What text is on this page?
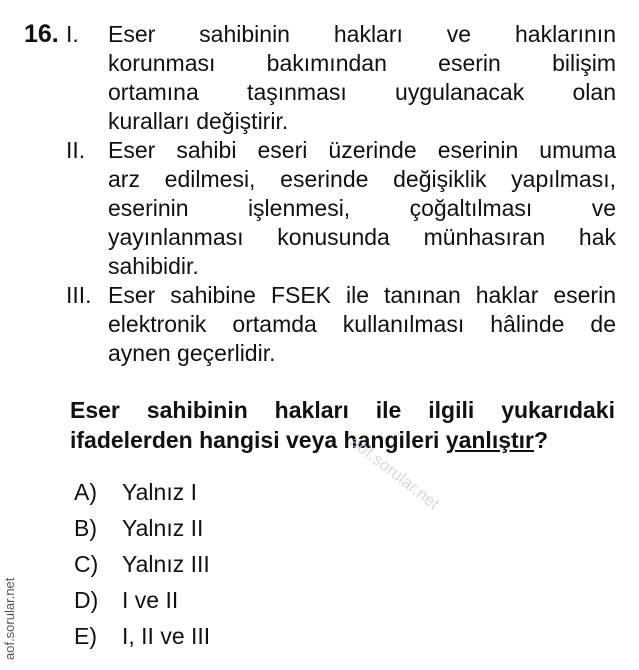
16. I. Eser sahibinin hakları ve haklarının
korunması bakımından eserin bilişim
ortamına taşınması uygulanacak olan
kuralları değiştirir.
II. Eser sahibi eseri üzerinde eserinin umuma
arz edilmesi, eserinde değişiklik yapılması,
eserinin işlenmesi, çoğaltılması ve
yayınlanması konusunda münhasıran hak
sahibidir.
III. Eser sahibine FSEK ile tanınan haklar eserin
elektronik ortamda kullanılması hâlinde de
aynen geçerlidir.
Eser sahibinin hakları ile ilgili yukarıdaki
ifadelerden hangisi veya hangileri yanlıştır?
A) Yalnız I
B) Yalnız II
C) Yalnız III
D) I ve II
E) I, II ve III
aof.sorular.net
aof.sorular.net
